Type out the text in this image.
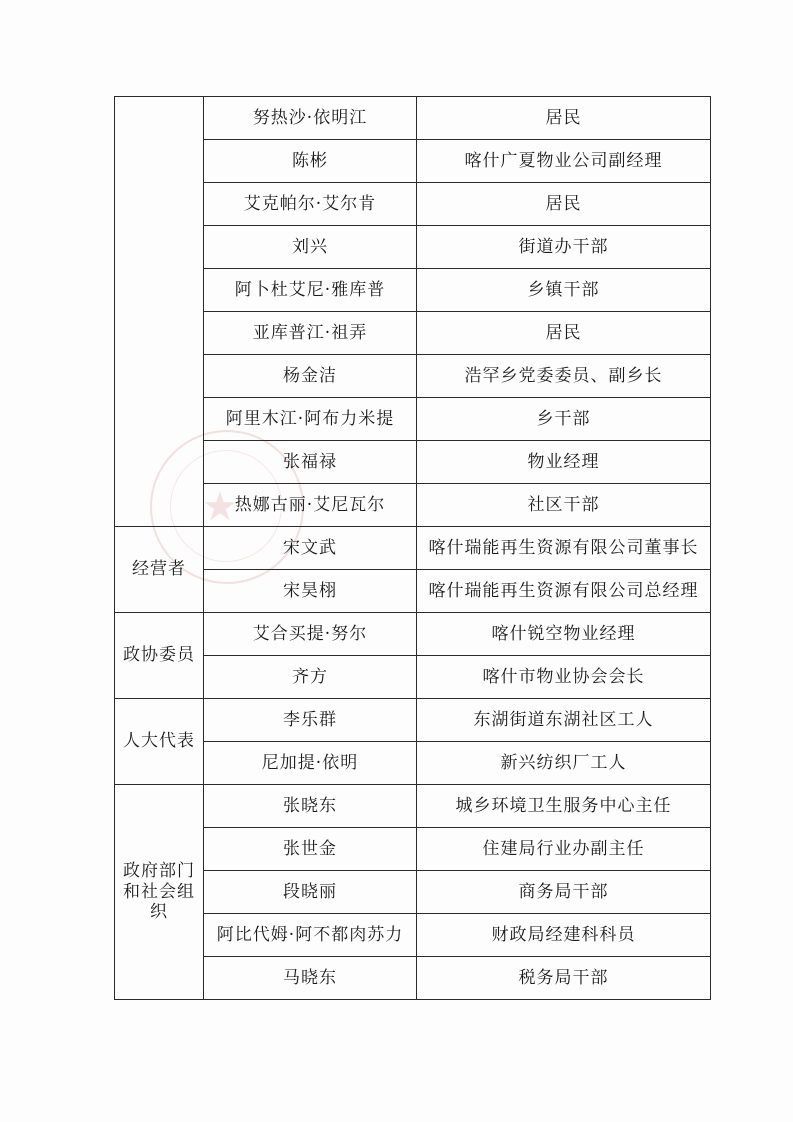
★
	努热沙·依明江	居民
	陈彬	喀什广夏物业公司副经理
	艾克帕尔·艾尔肯	居民
	刘兴	街道办干部
	阿卜杜艾尼·雅库普	乡镇干部
	亚库普江·祖弄	居民
	杨金洁	浩罕乡党委委员、副乡长
	阿里木江·阿布力米提	乡干部
	张福禄	物业经理
	热娜古丽·艾尼瓦尔	社区干部
经营者	宋文武	喀什瑞能再生资源有限公司董事长
	宋昊栩	喀什瑞能再生资源有限公司总经理
政协委员	艾合买提·努尔	喀什锐空物业经理
	齐方	喀什市物业协会会长
人大代表	李乐群	东湖街道东湖社区工人
	尼加提·依明	新兴纺织厂工人
政府部门和社会组织	张晓东	城乡环境卫生服务中心主任
	张世金	住建局行业办副主任
	段晓丽	商务局干部
	阿比代姆·阿不都肉苏力	财政局经建科科员
	马晓东	税务局干部
